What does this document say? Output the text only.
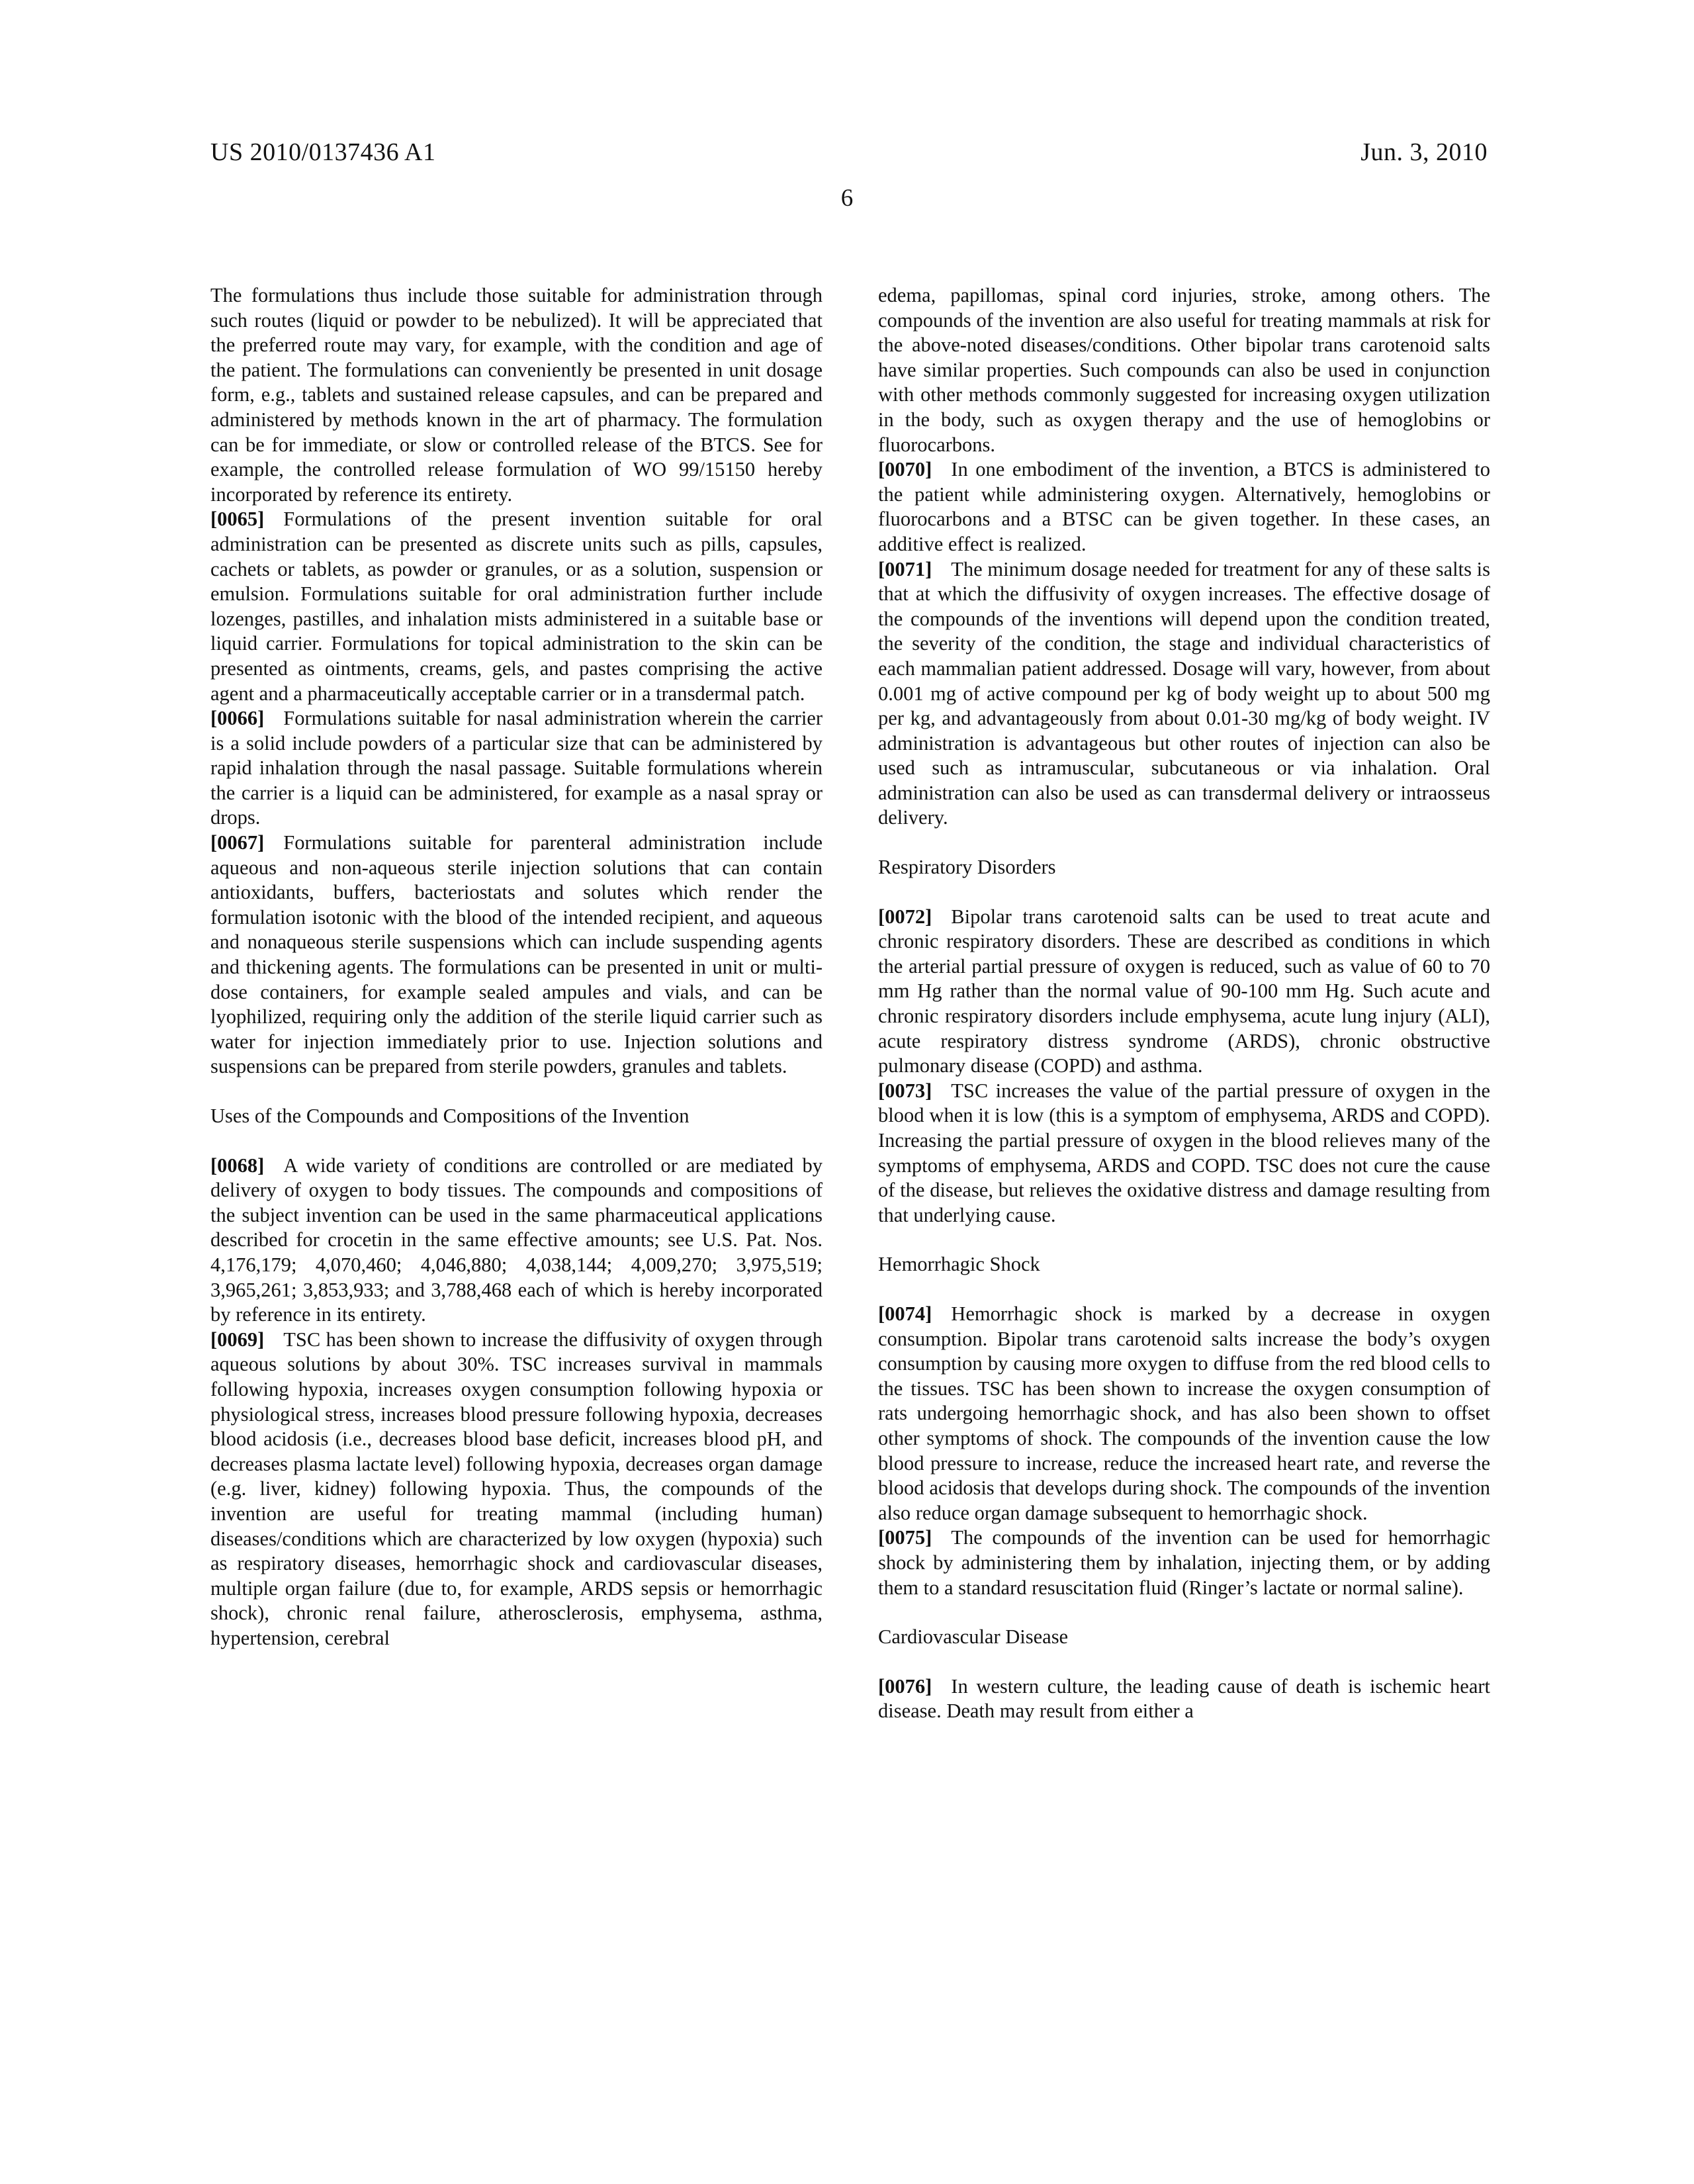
US 2010/0137436 A1	Jun. 3, 2010
6

The formulations thus include those suitable for administration through such routes (liquid or powder to be nebulized). It will be appreciated that the preferred route may vary, for example, with the condition and age of the patient. The formulations can conveniently be presented in unit dosage form, e.g., tablets and sustained release capsules, and can be prepared and administered by methods known in the art of pharmacy. The formulation can be for immediate, or slow or controlled release of the BTCS. See for example, the controlled release formulation of WO 99/15150 hereby incorporated by reference its entirety.

[0065] Formulations of the present invention suitable for oral administration can be presented as discrete units such as pills, capsules, cachets or tablets, as powder or granules, or as a solution, suspension or emulsion. Formulations suitable for oral administration further include lozenges, pastilles, and inhalation mists administered in a suitable base or liquid carrier. Formulations for topical administration to the skin can be presented as ointments, creams, gels, and pastes comprising the active agent and a pharmaceutically acceptable carrier or in a transdermal patch.

[0066] Formulations suitable for nasal administration wherein the carrier is a solid include powders of a particular size that can be administered by rapid inhalation through the nasal passage. Suitable formulations wherein the carrier is a liquid can be administered, for example as a nasal spray or drops.

[0067] Formulations suitable for parenteral administration include aqueous and non-aqueous sterile injection solutions that can contain antioxidants, buffers, bacteriostats and solutes which render the formulation isotonic with the blood of the intended recipient, and aqueous and nonaqueous sterile suspensions which can include suspending agents and thickening agents. The formulations can be presented in unit or multi-dose containers, for example sealed ampules and vials, and can be lyophilized, requiring only the addition of the sterile liquid carrier such as water for injection immediately prior to use. Injection solutions and suspensions can be prepared from sterile powders, granules and tablets.

Uses of the Compounds and Compositions of the Invention

[0068] A wide variety of conditions are controlled or are mediated by delivery of oxygen to body tissues. The compounds and compositions of the subject invention can be used in the same pharmaceutical applications described for crocetin in the same effective amounts; see U.S. Pat. Nos. 4,176,179; 4,070,460; 4,046,880; 4,038,144; 4,009,270; 3,975,519; 3,965,261; 3,853,933; and 3,788,468 each of which is hereby incorporated by reference in its entirety.

[0069] TSC has been shown to increase the diffusivity of oxygen through aqueous solutions by about 30%. TSC increases survival in mammals following hypoxia, increases oxygen consumption following hypoxia or physiological stress, increases blood pressure following hypoxia, decreases blood acidosis (i.e., decreases blood base deficit, increases blood pH, and decreases plasma lactate level) following hypoxia, decreases organ damage (e.g. liver, kidney) following hypoxia. Thus, the compounds of the invention are useful for treating mammal (including human) diseases/conditions which are characterized by low oxygen (hypoxia) such as respiratory diseases, hemorrhagic shock and cardiovascular diseases, multiple organ failure (due to, for example, ARDS sepsis or hemorrhagic shock), chronic renal failure, atherosclerosis, emphysema, asthma, hypertension, cerebral

edema, papillomas, spinal cord injuries, stroke, among others. The compounds of the invention are also useful for treating mammals at risk for the above-noted diseases/conditions. Other bipolar trans carotenoid salts have similar properties. Such compounds can also be used in conjunction with other methods commonly suggested for increasing oxygen utilization in the body, such as oxygen therapy and the use of hemoglobins or fluorocarbons.

[0070] In one embodiment of the invention, a BTCS is administered to the patient while administering oxygen. Alternatively, hemoglobins or fluorocarbons and a BTSC can be given together. In these cases, an additive effect is realized.

[0071] The minimum dosage needed for treatment for any of these salts is that at which the diffusivity of oxygen increases. The effective dosage of the compounds of the inventions will depend upon the condition treated, the severity of the condition, the stage and individual characteristics of each mammalian patient addressed. Dosage will vary, however, from about 0.001 mg of active compound per kg of body weight up to about 500 mg per kg, and advantageously from about 0.01-30 mg/kg of body weight. IV administration is advantageous but other routes of injection can also be used such as intramuscular, subcutaneous or via inhalation. Oral administration can also be used as can transdermal delivery or intraosseus delivery.

Respiratory Disorders

[0072] Bipolar trans carotenoid salts can be used to treat acute and chronic respiratory disorders. These are described as conditions in which the arterial partial pressure of oxygen is reduced, such as value of 60 to 70 mm Hg rather than the normal value of 90-100 mm Hg. Such acute and chronic respiratory disorders include emphysema, acute lung injury (ALI), acute respiratory distress syndrome (ARDS), chronic obstructive pulmonary disease (COPD) and asthma.

[0073] TSC increases the value of the partial pressure of oxygen in the blood when it is low (this is a symptom of emphysema, ARDS and COPD). Increasing the partial pressure of oxygen in the blood relieves many of the symptoms of emphysema, ARDS and COPD. TSC does not cure the cause of the disease, but relieves the oxidative distress and damage resulting from that underlying cause.

Hemorrhagic Shock

[0074] Hemorrhagic shock is marked by a decrease in oxygen consumption. Bipolar trans carotenoid salts increase the body’s oxygen consumption by causing more oxygen to diffuse from the red blood cells to the tissues. TSC has been shown to increase the oxygen consumption of rats undergoing hemorrhagic shock, and has also been shown to offset other symptoms of shock. The compounds of the invention cause the low blood pressure to increase, reduce the increased heart rate, and reverse the blood acidosis that develops during shock. The compounds of the invention also reduce organ damage subsequent to hemorrhagic shock.

[0075] The compounds of the invention can be used for hemorrhagic shock by administering them by inhalation, injecting them, or by adding them to a standard resuscitation fluid (Ringer’s lactate or normal saline).

Cardiovascular Disease

[0076] In western culture, the leading cause of death is ischemic heart disease. Death may result from either a
